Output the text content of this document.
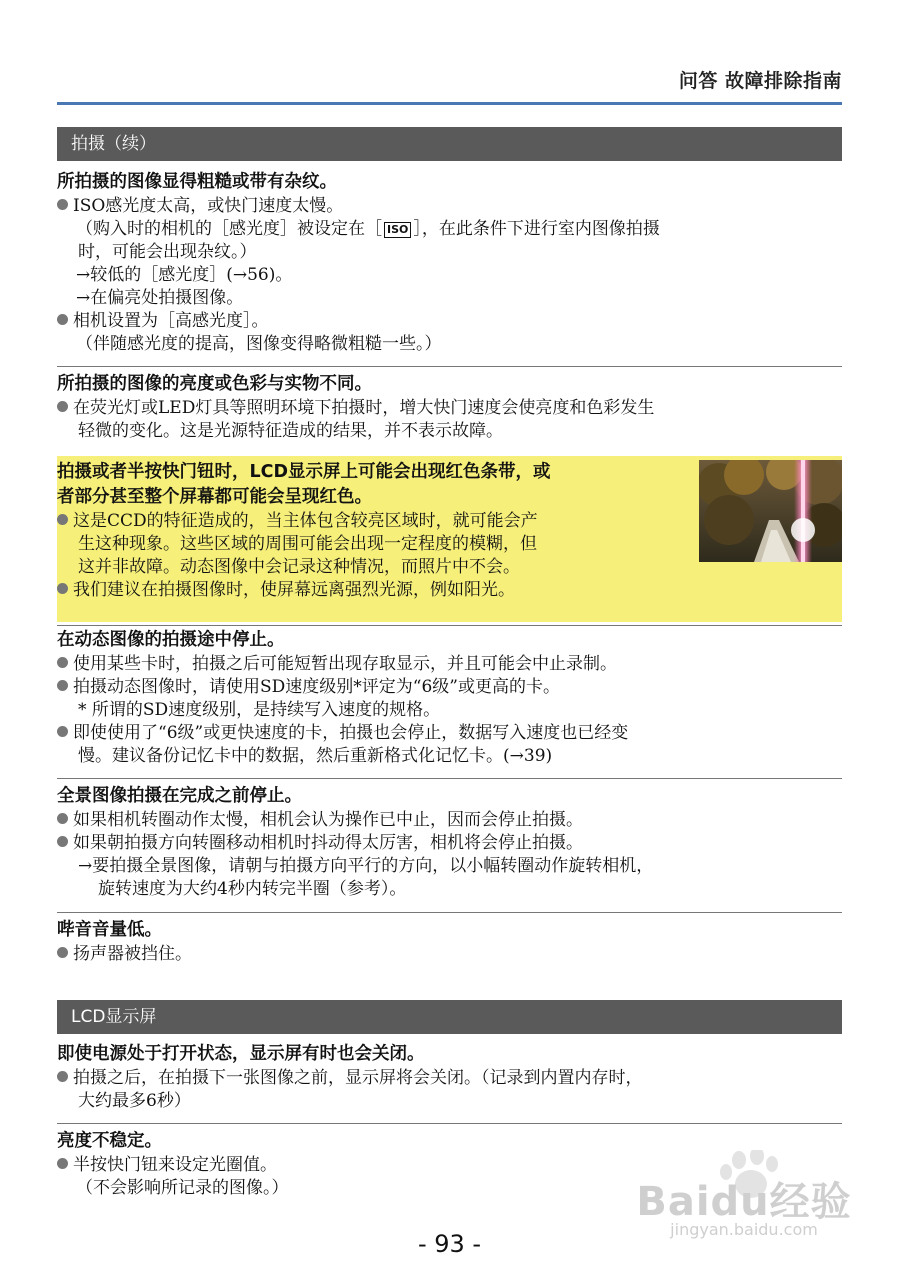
问答 故障排除指南
拍摄（续）
所拍摄的图像显得粗糙或带有杂纹。
ISO感光度太高，或快门速度太慢。
（购入时的相机的［感光度］被设定在［ ISO ］，在此条件下进行室内图像拍摄
时，可能会出现杂纹。）
→较低的［感光度］(→56)。
→在偏亮处拍摄图像。
相机设置为［高感光度］。
（伴随感光度的提高，图像变得略微粗糙一些。）
所拍摄的图像的亮度或色彩与实物不同。
在荧光灯或LED灯具等照明环境下拍摄时，增大快门速度会使亮度和色彩发生
轻微的变化。这是光源特征造成的结果，并不表示故障。
拍摄或者半按快门钮时，LCD显示屏上可能会出现红色条带，或
者部分甚至整个屏幕都可能会呈现红色。
这是CCD的特征造成的，当主体包含较亮区域时，就可能会产
生这种现象。这些区域的周围可能会出现一定程度的模糊，但
这并非故障。动态图像中会记录这种情况，而照片中不会。
我们建议在拍摄图像时，使屏幕远离强烈光源，例如阳光。
在动态图像的拍摄途中停止。
使用某些卡时，拍摄之后可能短暂出现存取显示，并且可能会中止录制。
拍摄动态图像时，请使用SD速度级别*评定为“6级”或更高的卡。
* 所谓的SD速度级别，是持续写入速度的规格。
即使使用了“6级”或更快速度的卡，拍摄也会停止，数据写入速度也已经变
慢。建议备份记忆卡中的数据，然后重新格式化记忆卡。(→39)
全景图像拍摄在完成之前停止。
如果相机转圈动作太慢，相机会认为操作已中止，因而会停止拍摄。
如果朝拍摄方向转圈移动相机时抖动得太厉害，相机将会停止拍摄。
→要拍摄全景图像，请朝与拍摄方向平行的方向，以小幅转圈动作旋转相机，
旋转速度为大约4秒内转完半圈（参考）。
哔音音量低。
扬声器被挡住。
LCD显示屏
即使电源处于打开状态，显示屏有时也会关闭。
拍摄之后，在拍摄下一张图像之前，显示屏将会关闭。（记录到内置内存时，
大约最多6秒）
亮度不稳定。
半按快门钮来设定光圈值。
（不会影响所记录的图像。）	Baidu经验
jingyan.baidu.com
- 93 -
